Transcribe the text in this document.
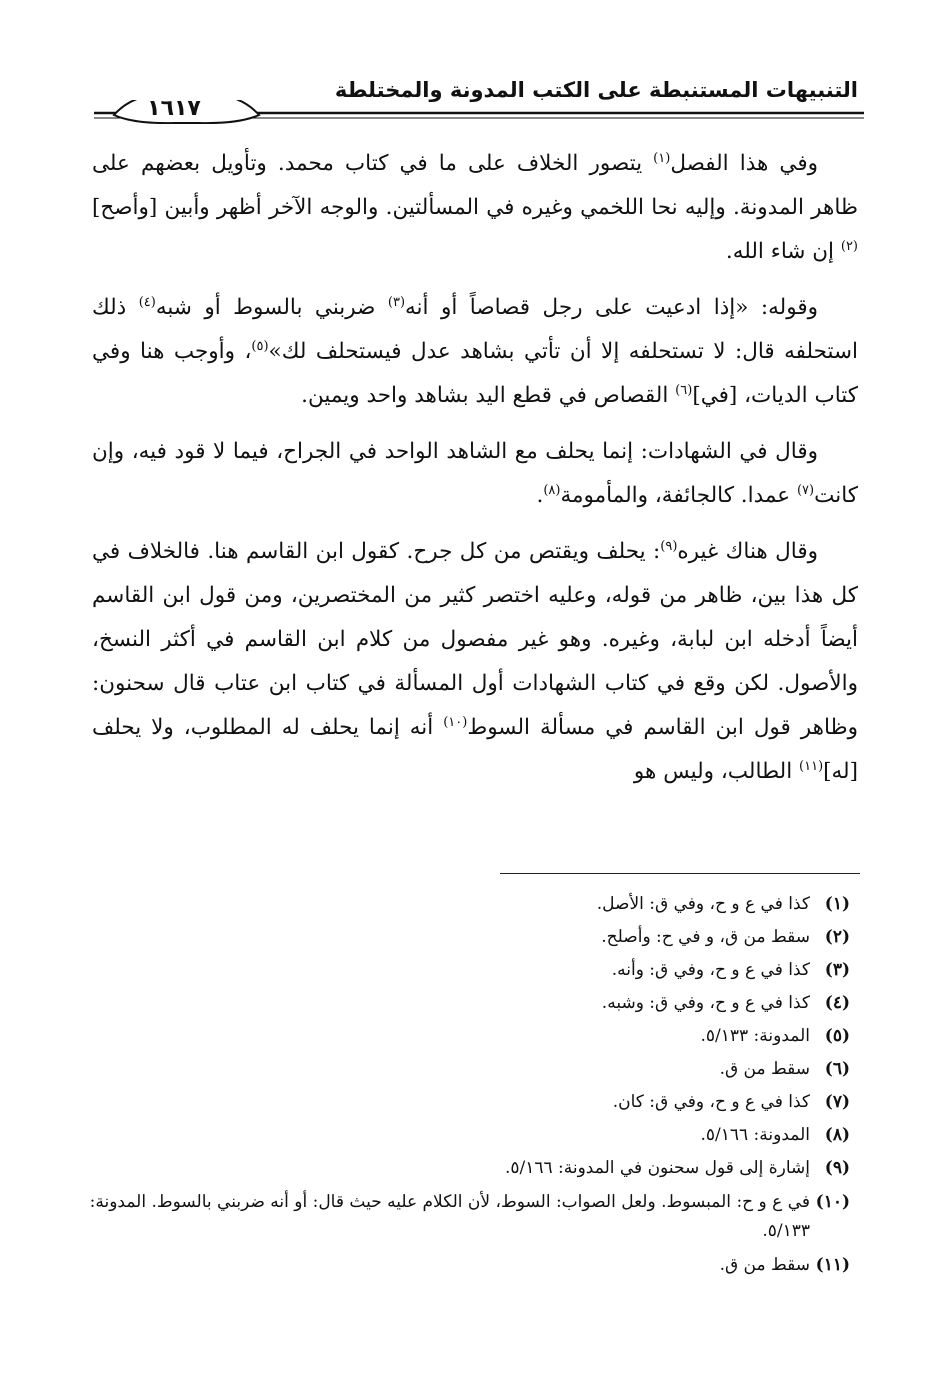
التنبيهات المستنبطة على الكتب المدونة والمختلطة
١٦١٧

وفي هذا الفصل$^{(١)}$ يتصور الخلاف على ما في كتاب محمد. وتأويل بعضهم على ظاهر المدونة. وإليه نحا اللخمي وغيره في المسألتين. والوجه الآخر أظهر وأبين [وأصح]$^{(٢)}$ إن شاء الله.

وقوله: «إذا ادعيت على رجل قصاصاً أو أنه$^{(٣)}$ ضربني بالسوط أو شبه$^{(٤)}$ ذلك استحلفه قال: لا تستحلفه إلا أن تأتي بشاهد عدل فيستحلف لك»$^{(٥)}$، وأوجب هنا وفي كتاب الديات، [في]$^{(٦)}$ القصاص في قطع اليد بشاهد واحد ويمين.

وقال في الشهادات: إنما يحلف مع الشاهد الواحد في الجراح، فيما لا قود فيه، وإن كانت$^{(٧)}$ عمدا. كالجائفة، والمأمومة$^{(٨)}$.

وقال هناك غيره$^{(٩)}$: يحلف ويقتص من كل جرح. كقول ابن القاسم هنا. فالخلاف في كل هذا بين، ظاهر من قوله، وعليه اختصر كثير من المختصرين، ومن قول ابن القاسم أيضاً أدخله ابن لبابة، وغيره. وهو غير مفصول من كلام ابن القاسم في أكثر النسخ، والأصول. لكن وقع في كتاب الشهادات أول المسألة في كتاب ابن عتاب قال سحنون: وظاهر قول ابن القاسم في مسألة السوط$^{(١٠)}$ أنه إنما يحلف له المطلوب، ولا يحلف [له]$^{(١١)}$ الطالب، وليس هو

(١)
كذا في ع و ح، وفي ق: الأصل.
(٢)
سقط من ق، و في ح: وأصلح.
(٣)
كذا في ع و ح، وفي ق: وأنه.
(٤)
كذا في ع و ح، وفي ق: وشبه.
(٥)
المدونة: ٥/١٣٣.
(٦)
سقط من ق.
(٧)
كذا في ع و ح، وفي ق: كان.
(٨)
المدونة: ٥/١٦٦.
(٩)
إشارة إلى قول سحنون في المدونة: ٥/١٦٦.
(١٠)
في ع و ح: المبسوط. ولعل الصواب: السوط، لأن الكلام عليه حيث قال: أو أنه ضربني بالسوط. المدونة: ٥/١٣٣.
(١١)
سقط من ق.
